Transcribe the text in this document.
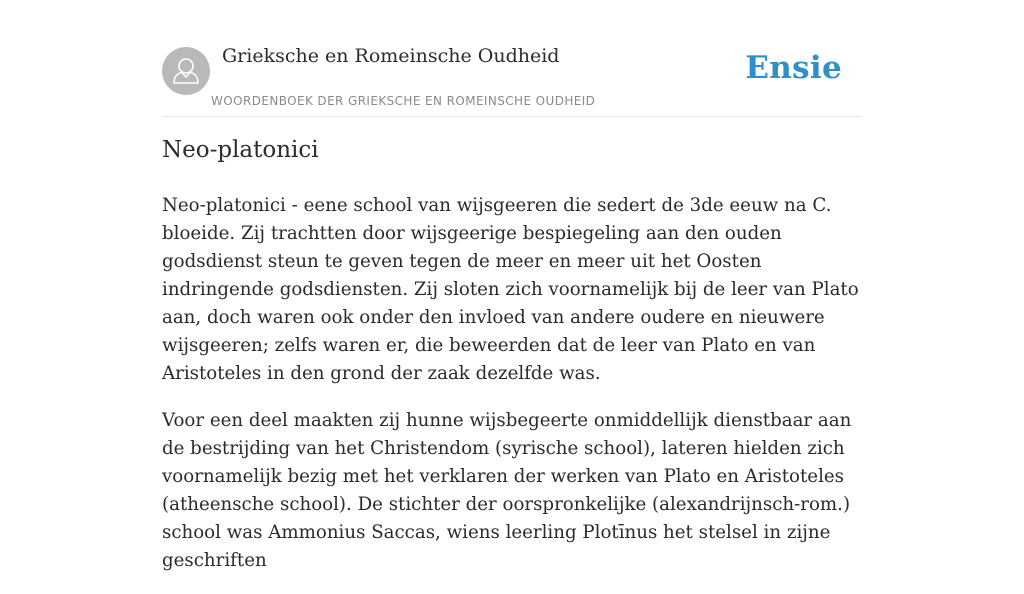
Grieksche en Romeinsche Oudheid
WOORDENBOEK DER GRIEKSCHE EN ROMEINSCHE OUDHEID
Ensie
Neo-platonici

Neo-platonici - eene school van wijsgeeren die sedert de 3de eeuw na C. bloeide. Zij trachtten door wijsgeerige bespiegeling aan den ouden godsdienst steun te geven tegen de meer en meer uit het Oosten indringende godsdiensten. Zij sloten zich voornamelijk bij de leer van Plato aan, doch waren ook onder den invloed van andere oudere en nieuwere wijsgeeren; zelfs waren er, die beweerden dat de leer van Plato en van Aristoteles in den grond der zaak dezelfde was.

Voor een deel maakten zij hunne wijsbegeerte onmiddellijk dienstbaar aan de bestrijding van het Christendom (syrische school), lateren hielden zich voornamelijk bezig met het verklaren der werken van Plato en Aristoteles (atheensche school). De stichter der oorspronkelijke (alexandrijnsch-rom.) school was Ammonius Saccas, wiens leerling Plotīnus het stelsel in zijne geschriften
